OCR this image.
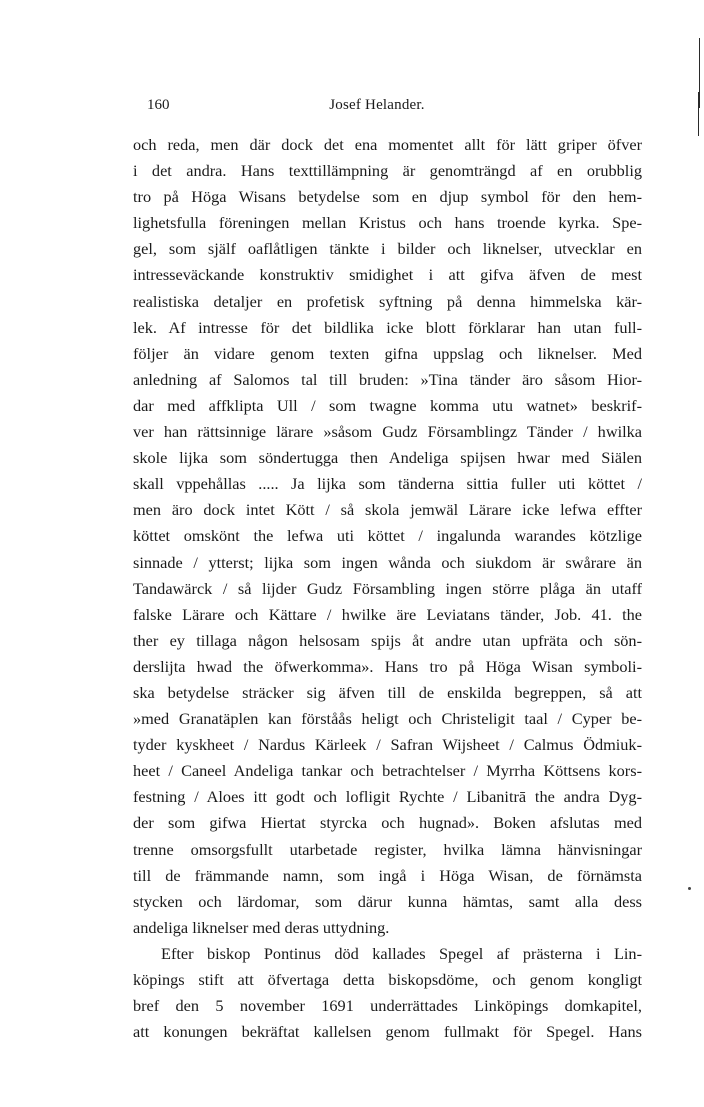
160	Josef Helander.
och reda, men där dock det ena momentet allt för lätt griper öfver
i det andra. Hans texttillämpning är genomträngd af en orubblig
tro på Höga Wisans betydelse som en djup symbol för den hem-
lighetsfulla föreningen mellan Kristus och hans troende kyrka. Spe-
gel, som själf oaflåtligen tänkte i bilder och liknelser, utvecklar en
intresseväckande konstruktiv smidighet i att gifva äfven de mest
realistiska detaljer en profetisk syftning på denna himmelska kär-
lek. Af intresse för det bildlika icke blott förklarar han utan full-
följer än vidare genom texten gifna uppslag och liknelser. Med
anledning af Salomos tal till bruden: »Tina tänder äro såsom Hior-
dar med affklipta Ull / som twagne komma utu watnet» beskrif-
ver han rättsinnige lärare »såsom Gudz Församblingz Tänder / hwilka
skole lijka som söndertugga then Andeliga spijsen hwar med Siälen
skall vppehållas ..... Ja lijka som tänderna sittia fuller uti köttet /
men äro dock intet Kött / så skola jemwäl Lärare icke lefwa effter
köttet omskönt the lefwa uti köttet / ingalunda warandes kötzlige
sinnade / ytterst; lijka som ingen wånda och siukdom är swårare än
Tandawärck / så lijder Gudz Försambling ingen större plåga än utaff
falske Lärare och Kättare / hwilke äre Leviatans tänder, Job. 41. the
ther ey tillaga någon helsosam spijs åt andre utan upfräta och sön-
derslijta hwad the öfwerkomma». Hans tro på Höga Wisan symboli-
ska betydelse sträcker sig äfven till de enskilda begreppen, så att
»med Granatäplen kan förståås heligt och Christeligit taal / Cyper be-
tyder kyskheet / Nardus Kärleek / Safran Wijsheet / Calmus Ödmiuk-
heet / Caneel Andeliga tankar och betrachtelser / Myrrha Köttsens kors-
festning / Aloes itt godt och lofligit Rychte / Libanitrā the andra Dyg-
der som gifwa Hiertat styrcka och hugnad». Boken afslutas med
trenne omsorgsfullt utarbetade register, hvilka lämna hänvisningar
till de främmande namn, som ingå i Höga Wisan, de förnämsta
stycken och lärdomar, som därur kunna hämtas, samt alla dess
andeliga liknelser med deras uttydning.
Efter biskop Pontinus död kallades Spegel af prästerna i Lin-
köpings stift att öfvertaga detta biskopsdöme, och genom kongligt
bref den 5 november 1691 underrättades Linköpings domkapitel,
att konungen bekräftat kallelsen genom fullmakt för Spegel. Hans
